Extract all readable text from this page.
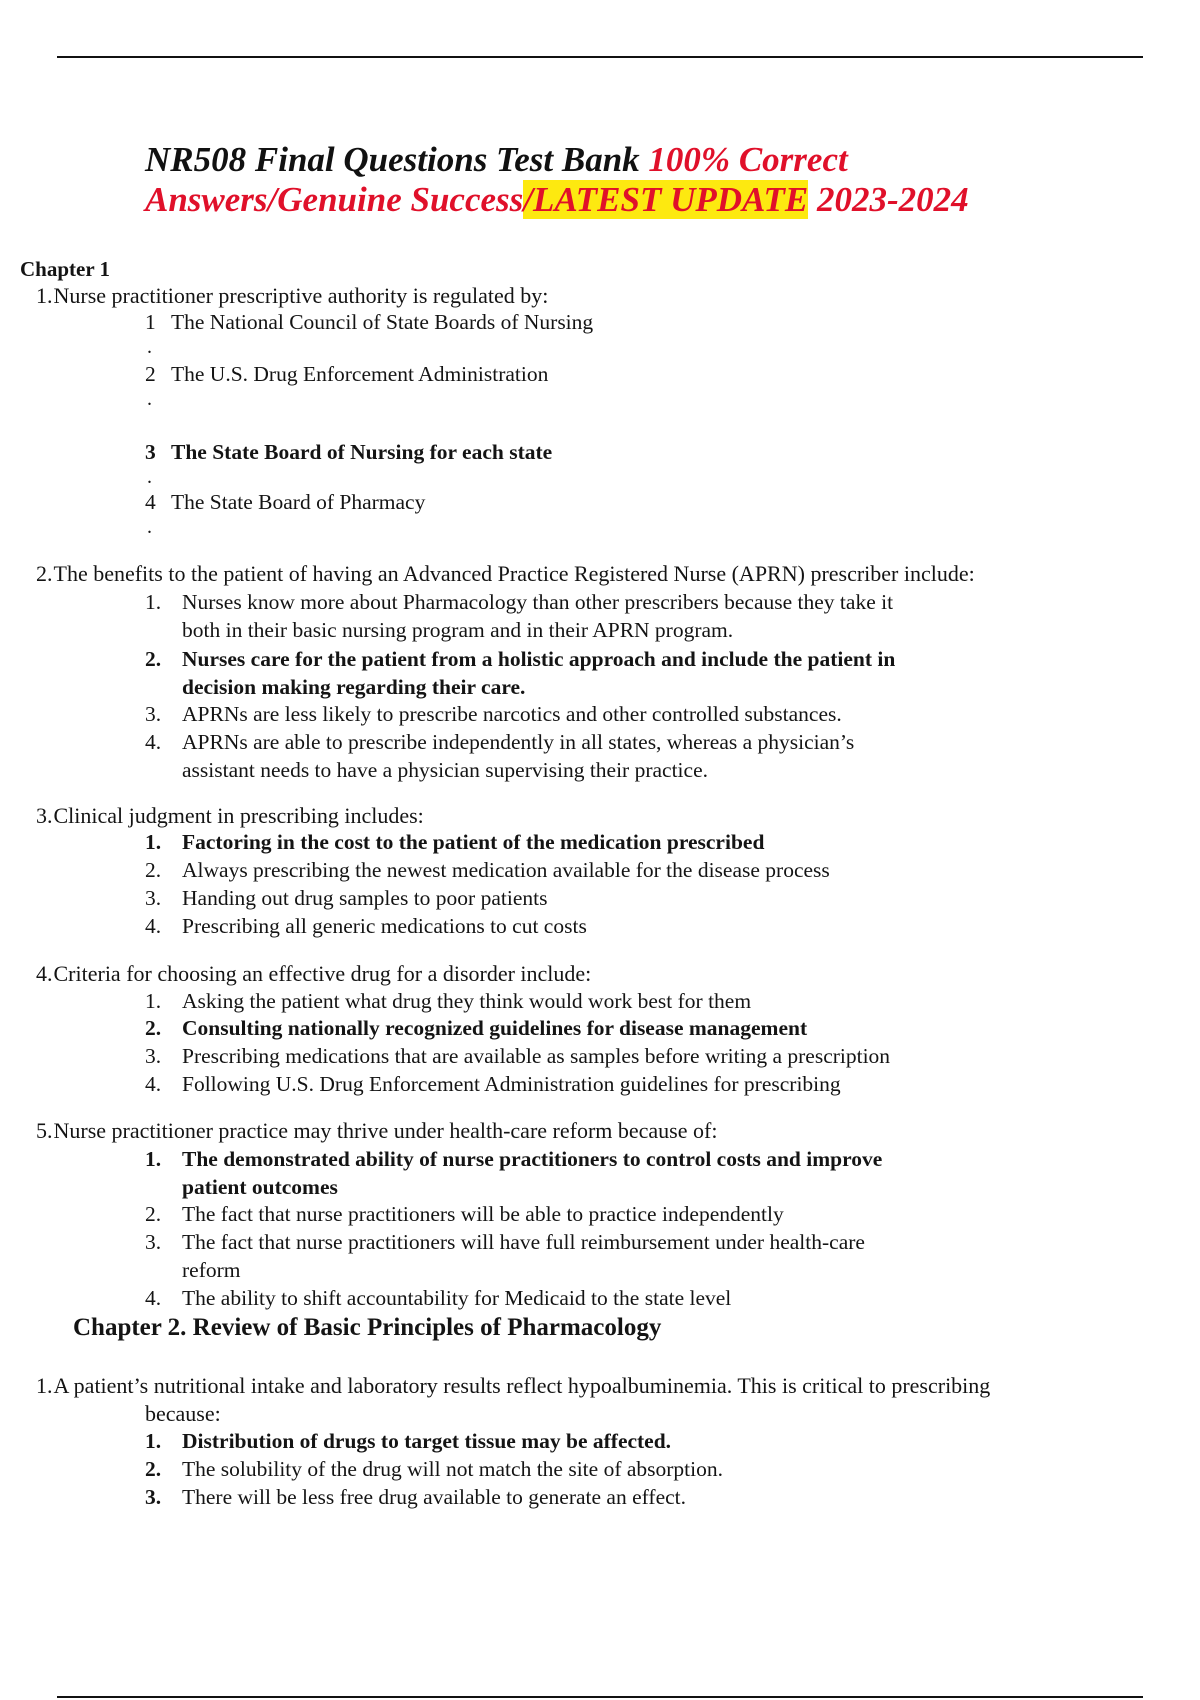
NR508 Final Questions Test Bank 100% Correct
Answers/Genuine Success/LATEST UPDATE 2023-2024
Chapter 1
1.Nurse practitioner prescriptive authority is regulated by:
1 The National Council of State Boards of Nursing
.
2 The U.S. Drug Enforcement Administration
.
3 The State Board of Nursing for each state
.
4 The State Board of Pharmacy
.
2.The benefits to the patient of having an Advanced Practice Registered Nurse (APRN) prescriber include:
1. Nurses know more about Pharmacology than other prescribers because they take it
both in their basic nursing program and in their APRN program.
2. Nurses care for the patient from a holistic approach and include the patient in
decision making regarding their care.
3. APRNs are less likely to prescribe narcotics and other controlled substances.
4. APRNs are able to prescribe independently in all states, whereas a physician’s
assistant needs to have a physician supervising their practice.
3.Clinical judgment in prescribing includes:
1. Factoring in the cost to the patient of the medication prescribed
2. Always prescribing the newest medication available for the disease process
3. Handing out drug samples to poor patients
4. Prescribing all generic medications to cut costs
4.Criteria for choosing an effective drug for a disorder include:
1. Asking the patient what drug they think would work best for them
2. Consulting nationally recognized guidelines for disease management
3. Prescribing medications that are available as samples before writing a prescription
4. Following U.S. Drug Enforcement Administration guidelines for prescribing
5.Nurse practitioner practice may thrive under health-care reform because of:
1. The demonstrated ability of nurse practitioners to control costs and improve
patient outcomes
2. The fact that nurse practitioners will be able to practice independently
3. The fact that nurse practitioners will have full reimbursement under health-care
reform
4. The ability to shift accountability for Medicaid to the state level
Chapter 2. Review of Basic Principles of Pharmacology
1.A patient’s nutritional intake and laboratory results reflect hypoalbuminemia. This is critical to prescribing
because:
1. Distribution of drugs to target tissue may be affected.
2. The solubility of the drug will not match the site of absorption.
3. There will be less free drug available to generate an effect.
